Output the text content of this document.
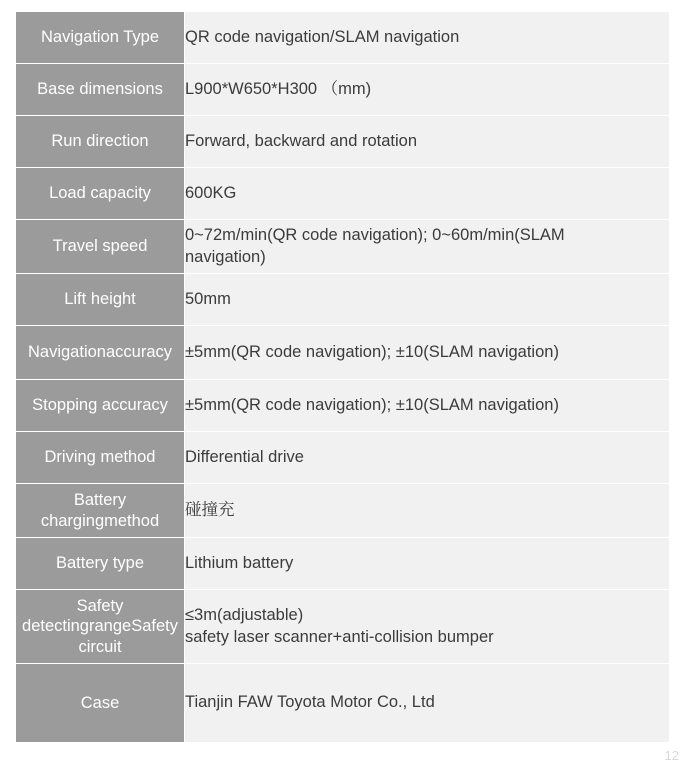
Navigation Type	QR code navigation/SLAM navigation

Base dimensions	L900*W650*H300 （mm)

Run direction	Forward, backward and rotation

Load capacity	600KG

Travel speed	0~72m/min(QR code navigation); 0~60m/min(SLAM
navigation)

Lift height	50mm

Navigationaccuracy	±5mm(QR code navigation); ±10(SLAM navigation)

Stopping accuracy	±5mm(QR code navigation); ±10(SLAM navigation)

Driving method	Differential drive

Battery chargingmethod	碰撞充

Battery type	Lithium battery

Safety detectingrangeSafety circuit	≤3m(adjustable)
safety laser scanner+anti-collision bumper

Case	Tianjin FAW Toyota Motor Co., Ltd
12
